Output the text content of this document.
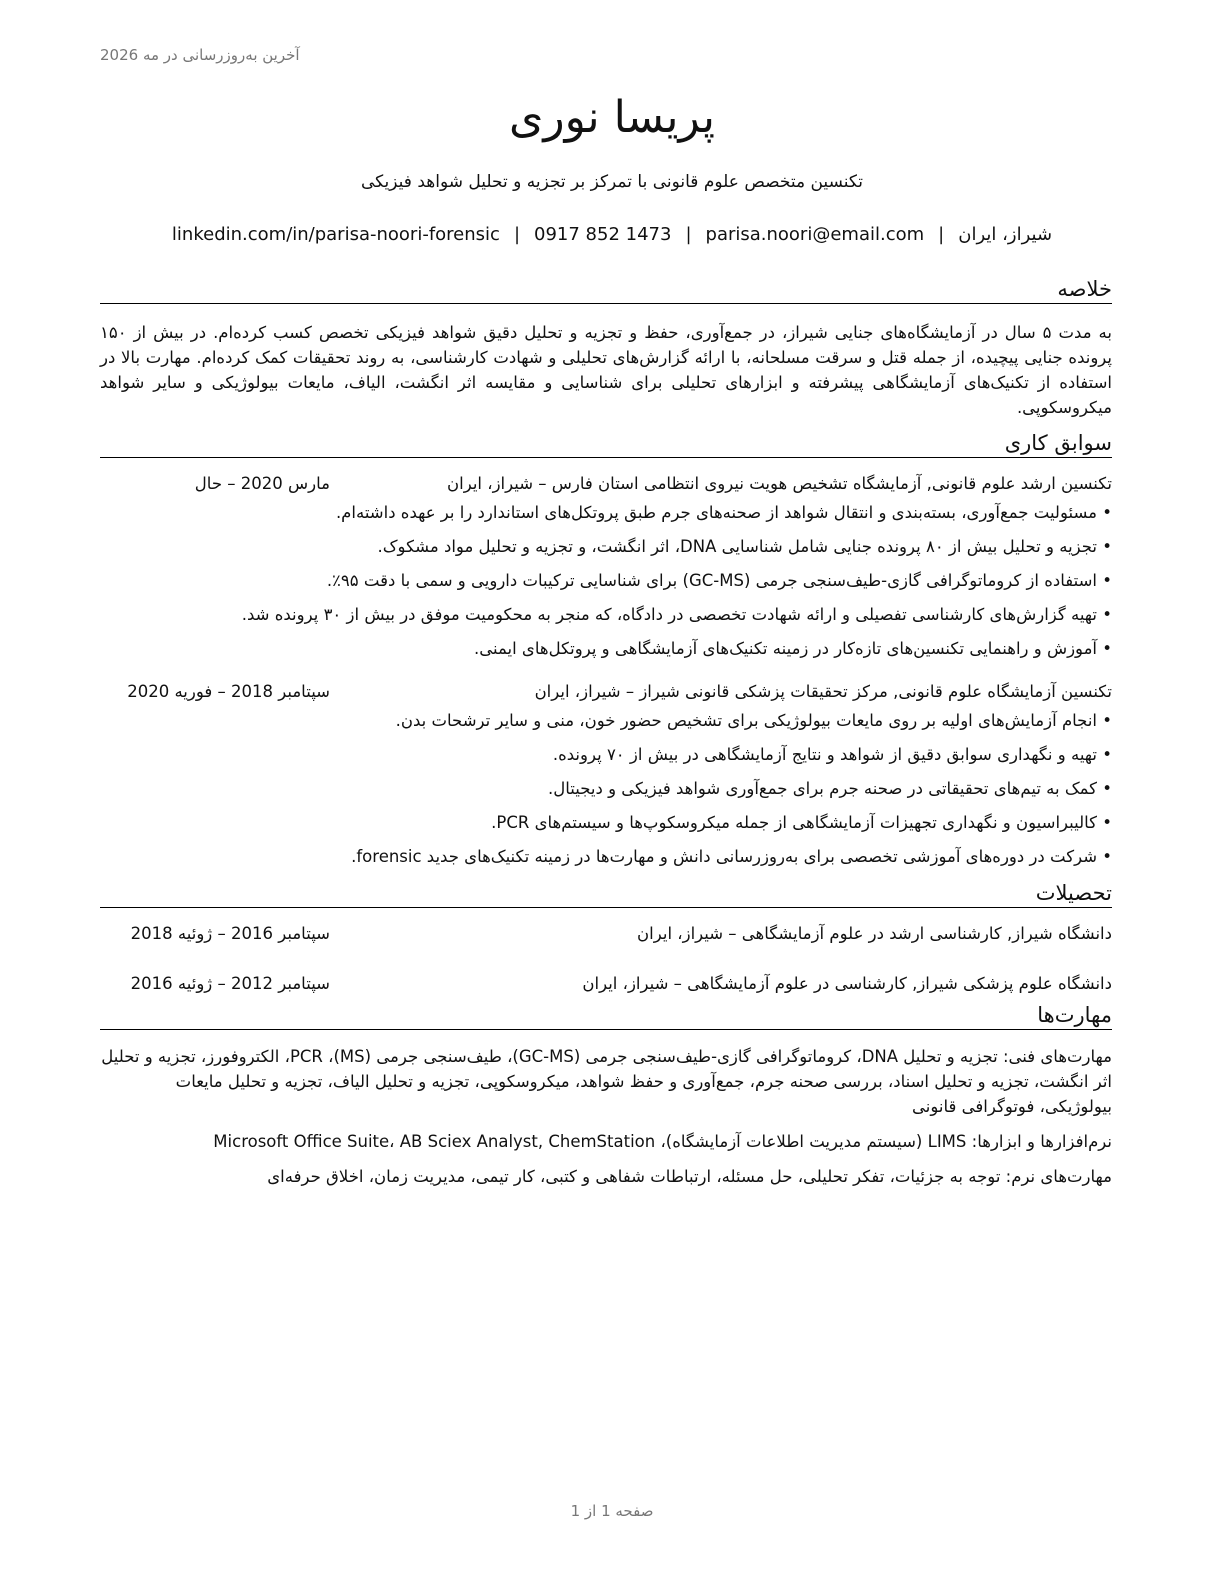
آخرین به‌روزرسانی در مه 2026
پریسا نوری
تکنسین متخصص علوم قانونی با تمرکز بر تجزیه و تحلیل شواهد فیزیکی
شیراز، ایران|parisa.noori@email.com|0917 852 1473|linkedin.com/in/parisa-noori-forensic
خلاصه

به مدت ۵ سال در آزمایشگاه‌های جنایی شیراز، در جمع‌آوری، حفظ و تجزیه و تحلیل دقیق شواهد فیزیکی تخصص کسب کرده‌ام. در بیش از ۱۵۰ پرونده جنایی پیچیده، از جمله قتل و سرقت مسلحانه، با ارائه گزارش‌های تحلیلی و شهادت کارشناسی، به روند تحقیقات کمک کرده‌ام. مهارت بالا در استفاده از تکنیک‌های آزمایشگاهی پیشرفته و ابزارهای تحلیلی برای شناسایی و مقایسه اثر انگشت، الیاف، مایعات بیولوژیکی و سایر شواهد میکروسکوپی.

سوابق کاری
تکنسین ارشد علوم قانونی, آزمایشگاه تشخیص هویت نیروی انتظامی استان فارس – شیراز، ایران
مارس 2020 – حال
• مسئولیت جمع‌آوری، بسته‌بندی و انتقال شواهد از صحنه‌های جرم طبق پروتکل‌های استاندارد را بر عهده داشته‌ام.
• تجزیه و تحلیل بیش از ۸۰ پرونده جنایی شامل شناسایی DNA، اثر انگشت، و تجزیه و تحلیل مواد مشکوک.
• استفاده از کروماتوگرافی گازی-طیف‌سنجی جرمی (GC-MS) برای شناسایی ترکیبات دارویی و سمی با دقت ۹۵٪.
• تهیه گزارش‌های کارشناسی تفصیلی و ارائه شهادت تخصصی در دادگاه، که منجر به محکومیت موفق در بیش از ۳۰ پرونده شد.
• آموزش و راهنمایی تکنسین‌های تازه‌کار در زمینه تکنیک‌های آزمایشگاهی و پروتکل‌های ایمنی.
تکنسین آزمایشگاه علوم قانونی, مرکز تحقیقات پزشکی قانونی شیراز – شیراز، ایران
سپتامبر 2018 – فوریه 2020
• انجام آزمایش‌های اولیه بر روی مایعات بیولوژیکی برای تشخیص حضور خون، منی و سایر ترشحات بدن.
• تهیه و نگهداری سوابق دقیق از شواهد و نتایج آزمایشگاهی در بیش از ۷۰ پرونده.
• کمک به تیم‌های تحقیقاتی در صحنه جرم برای جمع‌آوری شواهد فیزیکی و دیجیتال.
• کالیبراسیون و نگهداری تجهیزات آزمایشگاهی از جمله میکروسکوپ‌ها و سیستم‌های PCR.
• شرکت در دوره‌های آموزشی تخصصی برای به‌روزرسانی دانش و مهارت‌ها در زمینه تکنیک‌های جدید forensic.
تحصیلات
دانشگاه شیراز, کارشناسی ارشد در علوم آزمایشگاهی – شیراز، ایران
سپتامبر 2016 – ژوئیه 2018
دانشگاه علوم پزشکی شیراز, کارشناسی در علوم آزمایشگاهی – شیراز، ایران
سپتامبر 2012 – ژوئیه 2016
مهارت‌ها

مهارت‌های فنی: تجزیه و تحلیل DNA، کروماتوگرافی گازی-طیف‌سنجی جرمی (GC-MS)، طیف‌سنجی جرمی (MS)، PCR، الکتروفورز، تجزیه و تحلیل اثر انگشت، تجزیه و تحلیل اسناد، بررسی صحنه جرم، جمع‌آوری و حفظ شواهد، میکروسکوپی، تجزیه و تحلیل الیاف، تجزیه و تحلیل مایعات بیولوژیکی، فوتوگرافی قانونی

نرم‌افزارها و ابزارها: LIMS (سیستم مدیریت اطلاعات آزمایشگاه)، Microsoft Office Suite، AB Sciex Analyst, ChemStation

مهارت‌های نرم: توجه به جزئیات، تفکر تحلیلی، حل مسئله، ارتباطات شفاهی و کتبی، کار تیمی، مدیریت زمان، اخلاق حرفه‌ای

صفحه 1 از 1
